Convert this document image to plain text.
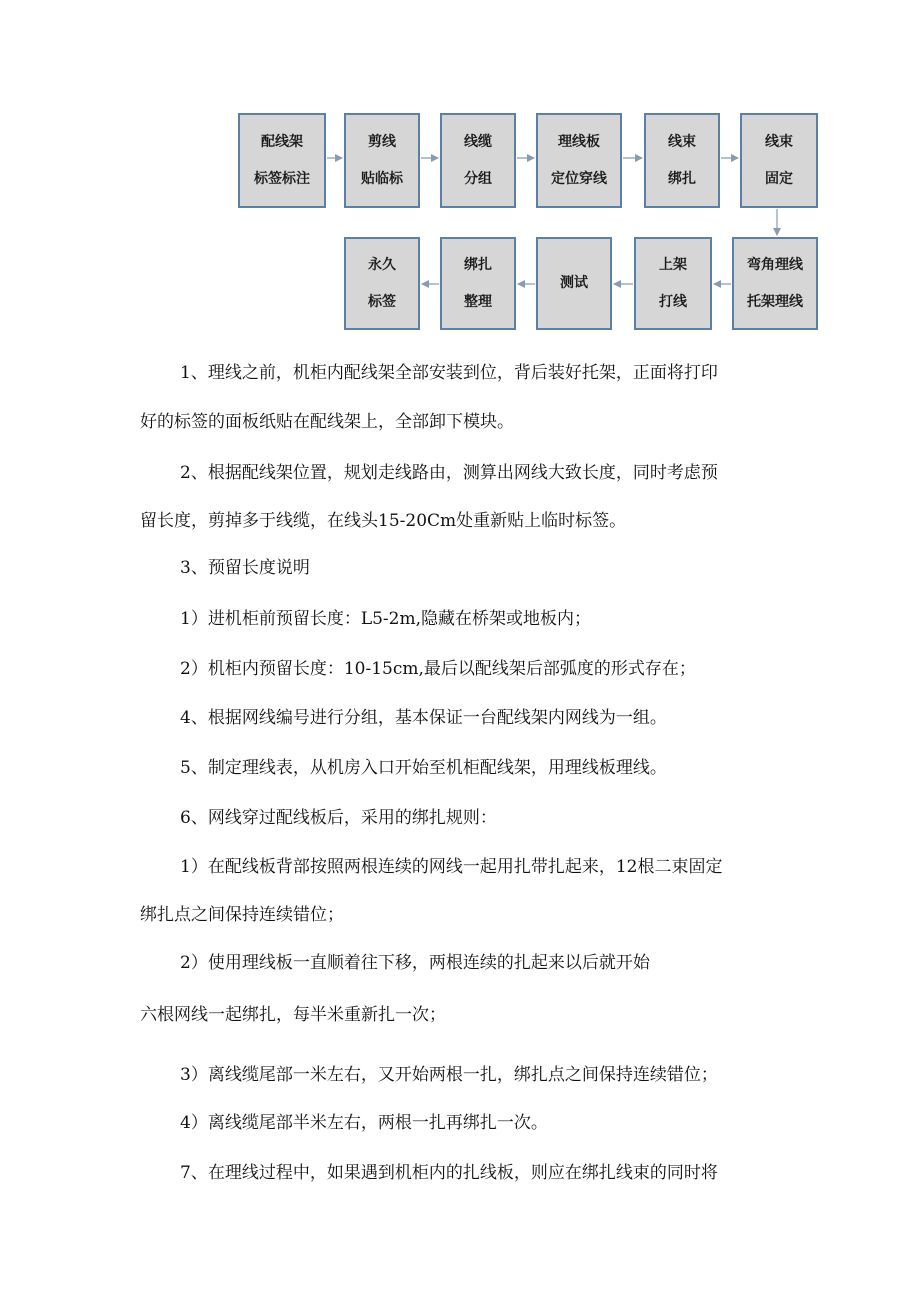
配线架
标签标注
剪线
贴临标
线缆
分组
理线板
定位穿线
线束
绑扎
线束
固定
永久
标签
绑扎
整理
测试
上架
打线
弯角理线
托架理线

1、理线之前，机柜内配线架全部安装到位，背后装好托架，正面将打印

好的标签的面板纸贴在配线架上，全部卸下模块。

2、根据配线架位置，规划走线路由，测算出网线大致长度，同时考虑预

留长度，剪掉多于线缆，在线头15-20Cm处重新贴上临时标签。

3、预留长度说明

1）进机柜前预留长度：L5-2m,隐藏在桥架或地板内；

2）机柜内预留长度：10-15cm,最后以配线架后部弧度的形式存在；

4、根据网线编号进行分组，基本保证一台配线架内网线为一组。

5、制定理线表，从机房入口开始至机柜配线架，用理线板理线。

6、网线穿过配线板后，采用的绑扎规则：

1）在配线板背部按照两根连续的网线一起用扎带扎起来，12根二束固定

绑扎点之间保持连续错位；

2）使用理线板一直顺着往下移，两根连续的扎起来以后就开始

六根网线一起绑扎，每半米重新扎一次；

3）离线缆尾部一米左右，又开始两根一扎，绑扎点之间保持连续错位；

4）离线缆尾部半米左右，两根一扎再绑扎一次。

7、在理线过程中，如果遇到机柜内的扎线板，则应在绑扎线束的同时将
